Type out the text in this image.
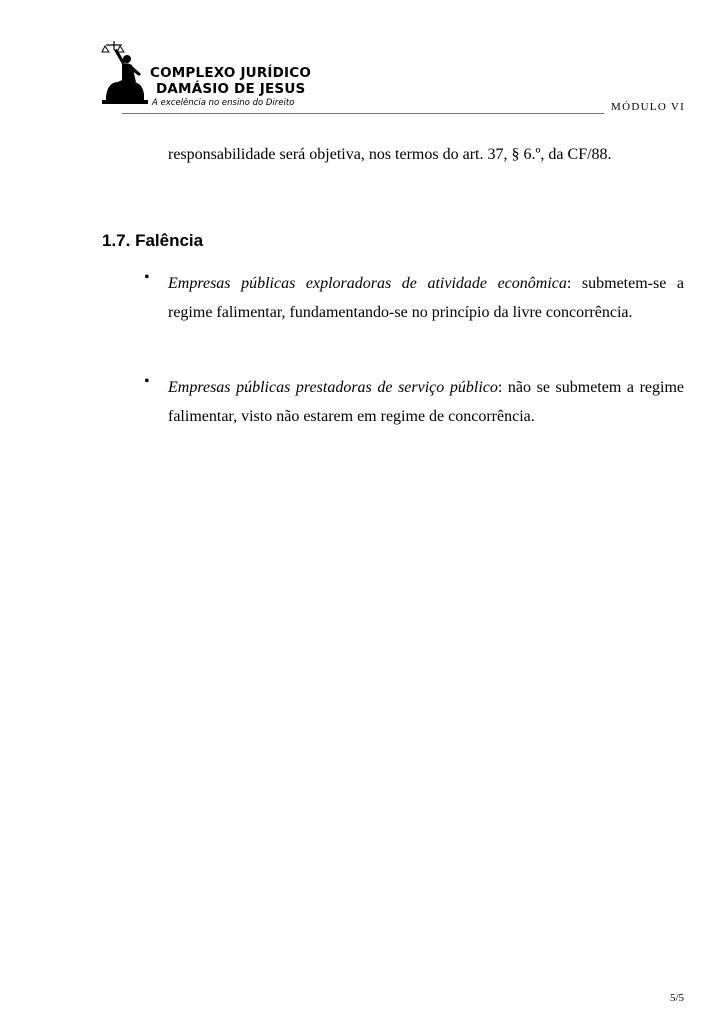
COMPLEXO JURÍDICO
DAMÁSIO DE JESUS
A excelência no ensino do Direito	MÓDULO VI

responsabilidade será objetiva, nos termos do art. 37, § 6.º, da CF/88.

1.7. Falência
• Empresas públicas exploradoras de atividade econômica: submetem-se a regime falimentar, fundamentando-se no princípio da livre concorrência.
• Empresas públicas prestadoras de serviço público: não se submetem a regime falimentar, visto não estarem em regime de concorrência.
5/5
